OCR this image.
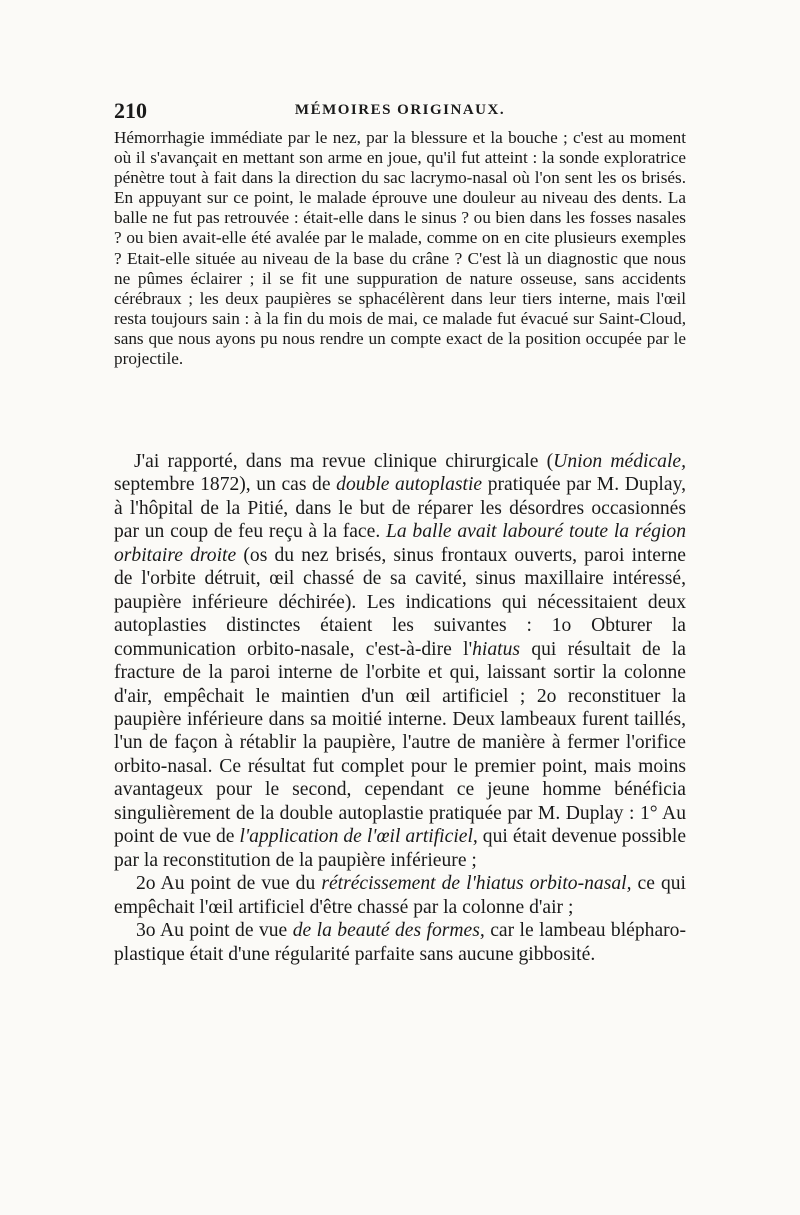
210	MÉMOIRES ORIGINAUX.

Hémorrhagie immédiate par le nez, par la blessure et la bouche ; c'est au moment où il s'avançait en mettant son arme en joue, qu'il fut atteint : la sonde exploratrice pénètre tout à fait dans la direction du sac lacrymo-nasal où l'on sent les os brisés. En appuyant sur ce point, le malade éprouve une douleur au niveau des dents. La balle ne fut pas retrouvée : était-elle dans le sinus ? ou bien dans les fosses nasales ? ou bien avait-elle été avalée par le malade, comme on en cite plusieurs exemples ? Etait-elle située au niveau de la base du crâne ? C'est là un diagnostic que nous ne pûmes éclairer ; il se fit une suppuration de nature osseuse, sans accidents cérébraux ; les deux paupières se sphacélèrent dans leur tiers interne, mais l'œil resta toujours sain : à la fin du mois de mai, ce malade fut évacué sur Saint-Cloud, sans que nous ayons pu nous rendre un compte exact de la position occupée par le projectile.

J'ai rapporté, dans ma revue clinique chirurgicale (Union médicale, septembre 1872), un cas de double autoplastie pratiquée par M. Duplay, à l'hôpital de la Pitié, dans le but de réparer les désordres occasionnés par un coup de feu reçu à la face. La balle avait labouré toute la région orbitaire droite (os du nez brisés, sinus frontaux ouverts, paroi interne de l'orbite détruit, œil chassé de sa cavité, sinus maxillaire intéressé, paupière inférieure déchirée). Les indications qui nécessitaient deux autoplasties distinctes étaient les suivantes : 1o Obturer la communication orbito-nasale, c'est-à-dire l'hiatus qui résultait de la fracture de la paroi interne de l'orbite et qui, laissant sortir la colonne d'air, empêchait le maintien d'un œil artificiel ; 2o reconstituer la paupière inférieure dans sa moitié interne. Deux lambeaux furent taillés, l'un de façon à rétablir la paupière, l'autre de manière à fermer l'orifice orbito-nasal. Ce résultat fut complet pour le premier point, mais moins avantageux pour le second, cependant ce jeune homme bénéficia singulièrement de la double autoplastie pratiquée par M. Duplay : 1° Au point de vue de l'application de l'œil artificiel, qui était devenue possible par la reconstitution de la paupière inférieure ;

2o Au point de vue du rétrécissement de l'hiatus orbito-nasal, ce qui empêchait l'œil artificiel d'être chassé par la colonne d'air ;

3o Au point de vue de la beauté des formes, car le lambeau blépharo-plastique était d'une régularité parfaite sans aucune gibbosité.
